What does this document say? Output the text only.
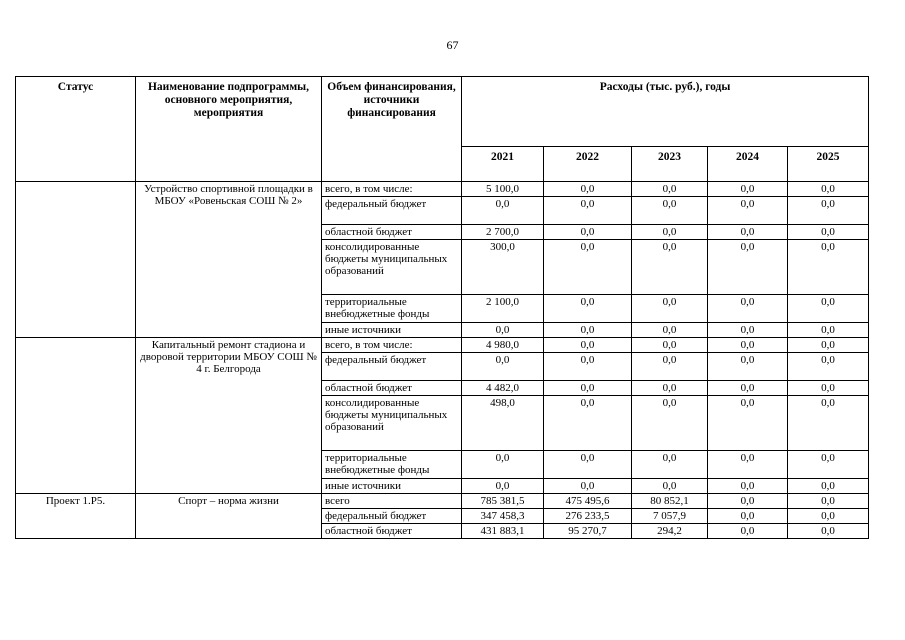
67
Статус	Наименование подпрограммы, основного мероприятия, мероприятия	Объем финансирования, источники финансирования	Расходы (тыс. руб.), годы				
			2021	2022	2023	2024	2025
	Устройство спортивной площадки в МБОУ «Ровеньская СОШ № 2»	всего, в том числе:	5 100,0	0,0	0,0	0,0	0,0
		федеральный бюджет	0,0	0,0	0,0	0,0	0,0
		областной бюджет	2 700,0	0,0	0,0	0,0	0,0
		консолидированные бюджеты муниципальных образований	300,0	0,0	0,0	0,0	0,0
		территориальные внебюджетные фонды	2 100,0	0,0	0,0	0,0	0,0
		иные источники	0,0	0,0	0,0	0,0	0,0
	Капитальный ремонт стадиона и дворовой территории МБОУ СОШ № 4 г. Белгорода	всего, в том числе:	4 980,0	0,0	0,0	0,0	0,0
		федеральный бюджет	0,0	0,0	0,0	0,0	0,0
		областной бюджет	4 482,0	0,0	0,0	0,0	0,0
		консолидированные бюджеты муниципальных образований	498,0	0,0	0,0	0,0	0,0
		территориальные внебюджетные фонды	0,0	0,0	0,0	0,0	0,0
		иные источники	0,0	0,0	0,0	0,0	0,0
Проект 1.Р5.	Спорт – норма жизни	всего	785 381,5	475 495,6	80 852,1	0,0	0,0
		федеральный бюджет	347 458,3	276 233,5	7 057,9	0,0	0,0
		областной бюджет	431 883,1	95 270,7	294,2	0,0	0,0
